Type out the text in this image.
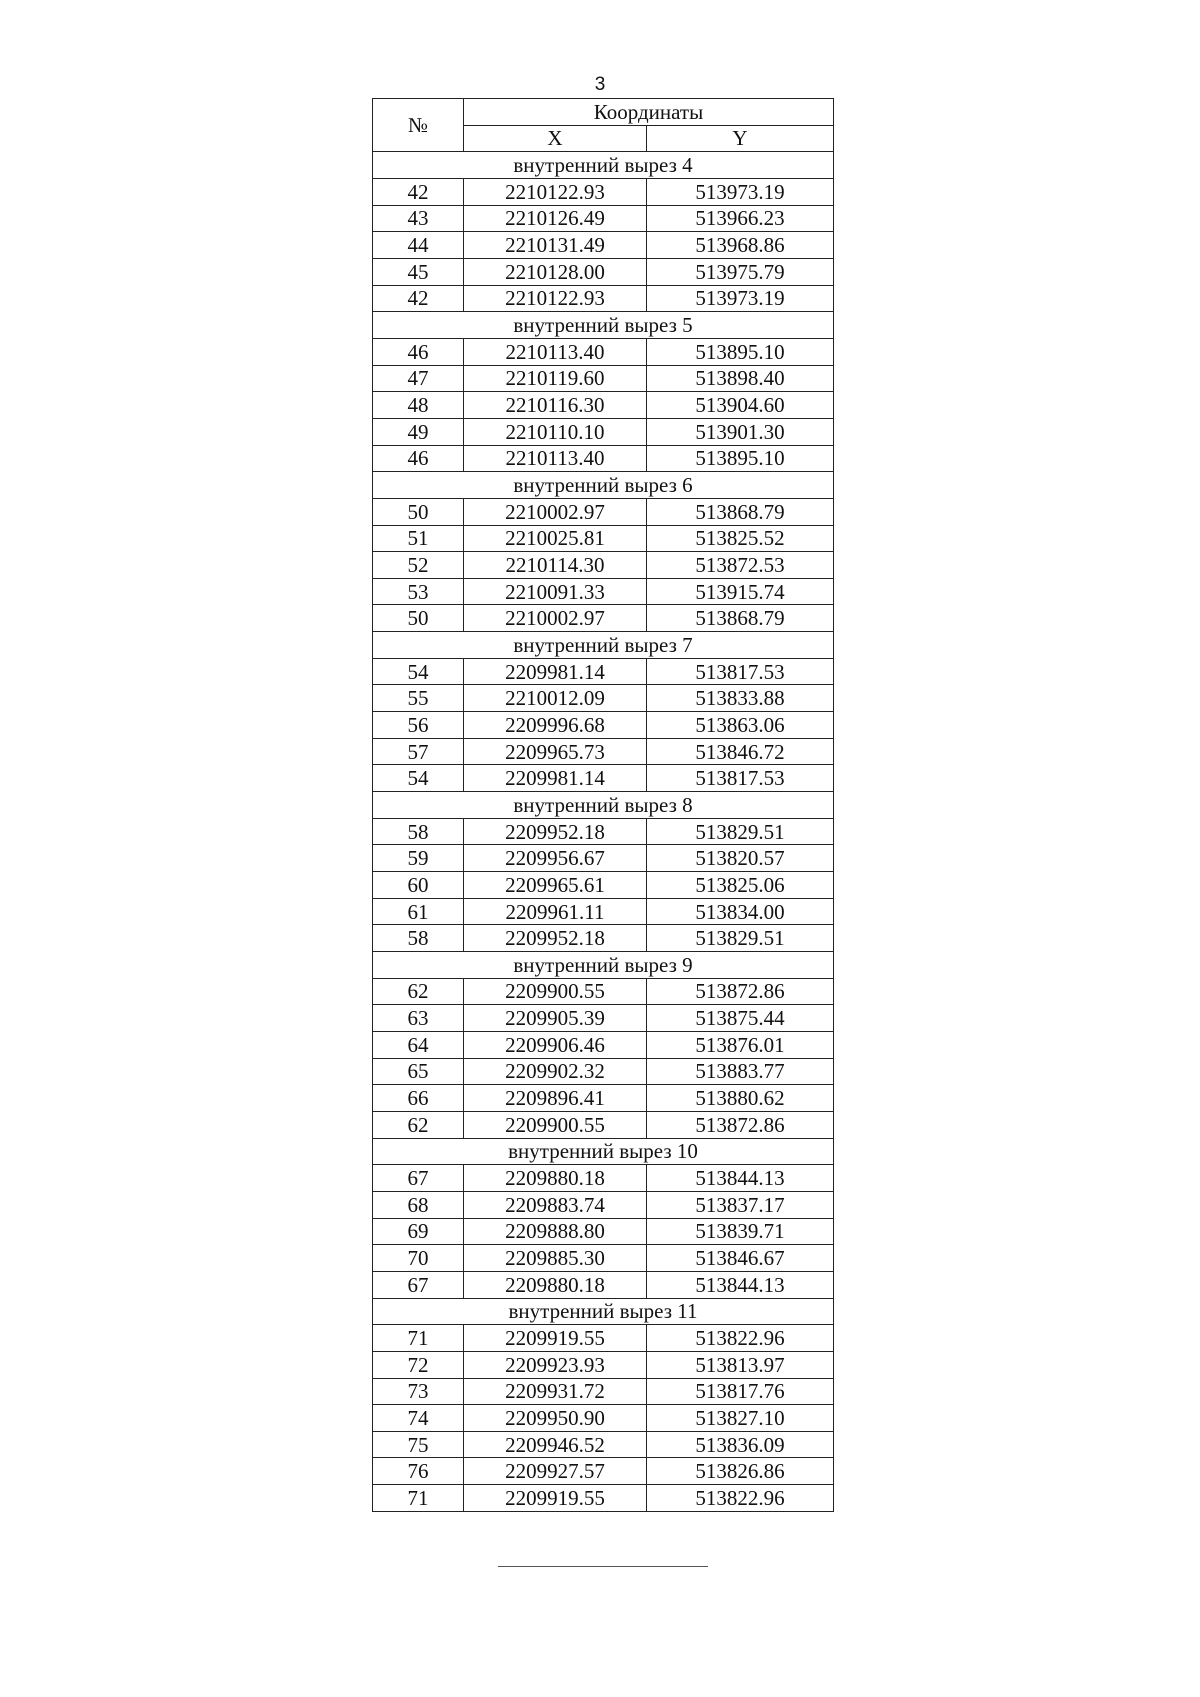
3
№	Координаты	
	X	Y
внутренний вырез 4		
42	2210122.93	513973.19
43	2210126.49	513966.23
44	2210131.49	513968.86
45	2210128.00	513975.79
42	2210122.93	513973.19
внутренний вырез 5		
46	2210113.40	513895.10
47	2210119.60	513898.40
48	2210116.30	513904.60
49	2210110.10	513901.30
46	2210113.40	513895.10
внутренний вырез 6		
50	2210002.97	513868.79
51	2210025.81	513825.52
52	2210114.30	513872.53
53	2210091.33	513915.74
50	2210002.97	513868.79
внутренний вырез 7		
54	2209981.14	513817.53
55	2210012.09	513833.88
56	2209996.68	513863.06
57	2209965.73	513846.72
54	2209981.14	513817.53
внутренний вырез 8		
58	2209952.18	513829.51
59	2209956.67	513820.57
60	2209965.61	513825.06
61	2209961.11	513834.00
58	2209952.18	513829.51
внутренний вырез 9		
62	2209900.55	513872.86
63	2209905.39	513875.44
64	2209906.46	513876.01
65	2209902.32	513883.77
66	2209896.41	513880.62
62	2209900.55	513872.86
внутренний вырез 10		
67	2209880.18	513844.13
68	2209883.74	513837.17
69	2209888.80	513839.71
70	2209885.30	513846.67
67	2209880.18	513844.13
внутренний вырез 11		
71	2209919.55	513822.96
72	2209923.93	513813.97
73	2209931.72	513817.76
74	2209950.90	513827.10
75	2209946.52	513836.09
76	2209927.57	513826.86
71	2209919.55	513822.96
